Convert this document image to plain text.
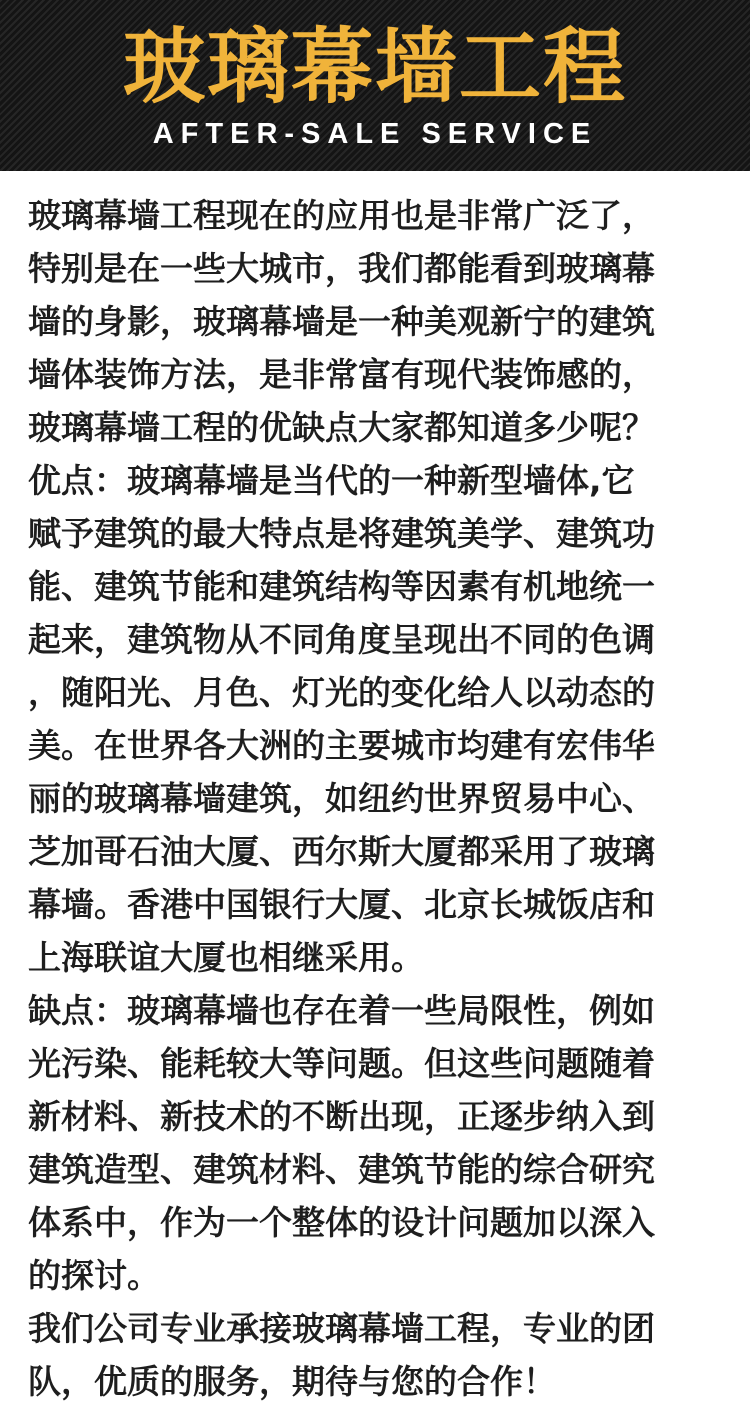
玻璃幕墙工程
AFTER-SALE SERVICE
玻璃幕墙工程现在的应用也是非常广泛了，
特别是在一些大城市，我们都能看到玻璃幕
墙的身影，玻璃幕墙是一种美观新宁的建筑
墙体装饰方法，是非常富有现代装饰感的，
玻璃幕墙工程的优缺点大家都知道多少呢？
优点：玻璃幕墙是当代的一种新型墙体,它
赋予建筑的最大特点是将建筑美学、建筑功
能、建筑节能和建筑结构等因素有机地统一
起来，建筑物从不同角度呈现出不同的色调
，随阳光、月色、灯光的变化给人以动态的
美。在世界各大洲的主要城市均建有宏伟华
丽的玻璃幕墙建筑，如纽约世界贸易中心、
芝加哥石油大厦、西尔斯大厦都采用了玻璃
幕墙。香港中国银行大厦、北京长城饭店和
上海联谊大厦也相继采用。
缺点：玻璃幕墙也存在着一些局限性，例如
光污染、能耗较大等问题。但这些问题随着
新材料、新技术的不断出现，正逐步纳入到
建筑造型、建筑材料、建筑节能的综合研究
体系中，作为一个整体的设计问题加以深入
的探讨。
我们公司专业承接玻璃幕墙工程，专业的团
队，优质的服务，期待与您的合作！
